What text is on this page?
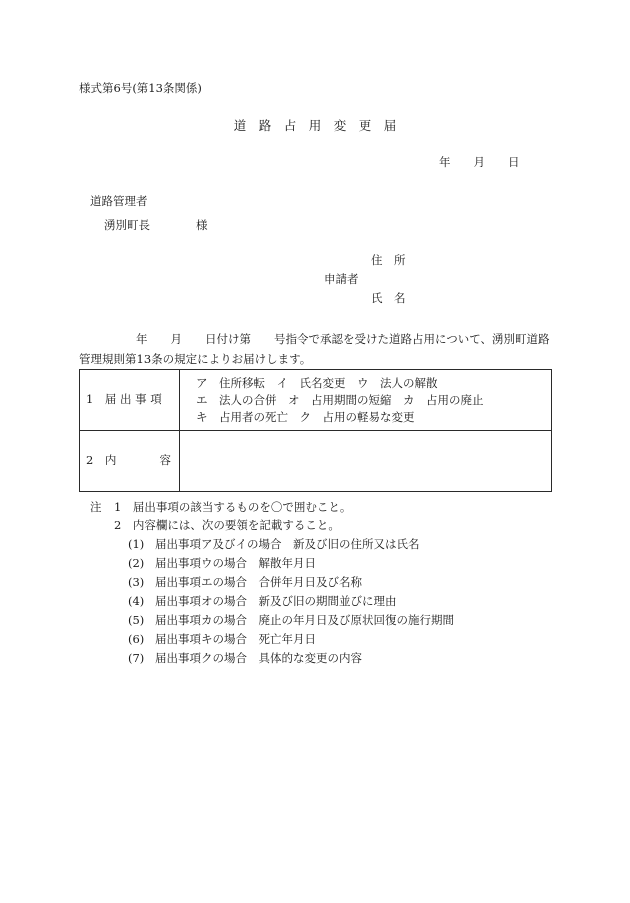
様式第6号(第13条関係)
道　路　占　用　変　更　届
年　　月　　日
道路管理者
湧別町長　　　　様
住　所
申請者
氏　名
年　　月　　日付け第　　号指令で承認を受けた道路占用について、湧別町道路管理規則第13条の規定によりお届けします。
1　届 出 事 項	ア　住所移転　イ　氏名変更　ウ　法人の解散
エ　法人の合併　オ　占用期間の短縮　カ　占用の廃止
キ　占用者の死亡　ク　占用の軽易な変更

2　内 容	

注 1　届出事項の該当するものを〇で囲むこと。
2　内容欄には、次の要領を記載すること。
(1) 届出事項ア及びイの場合　新及び旧の住所又は氏名
(2) 届出事項ウの場合　解散年月日
(3) 届出事項エの場合　合併年月日及び名称
(4) 届出事項オの場合　新及び旧の期間並びに理由
(5) 届出事項カの場合　廃止の年月日及び原状回復の施行期間
(6) 届出事項キの場合　死亡年月日
(7) 届出事項クの場合　具体的な変更の内容
